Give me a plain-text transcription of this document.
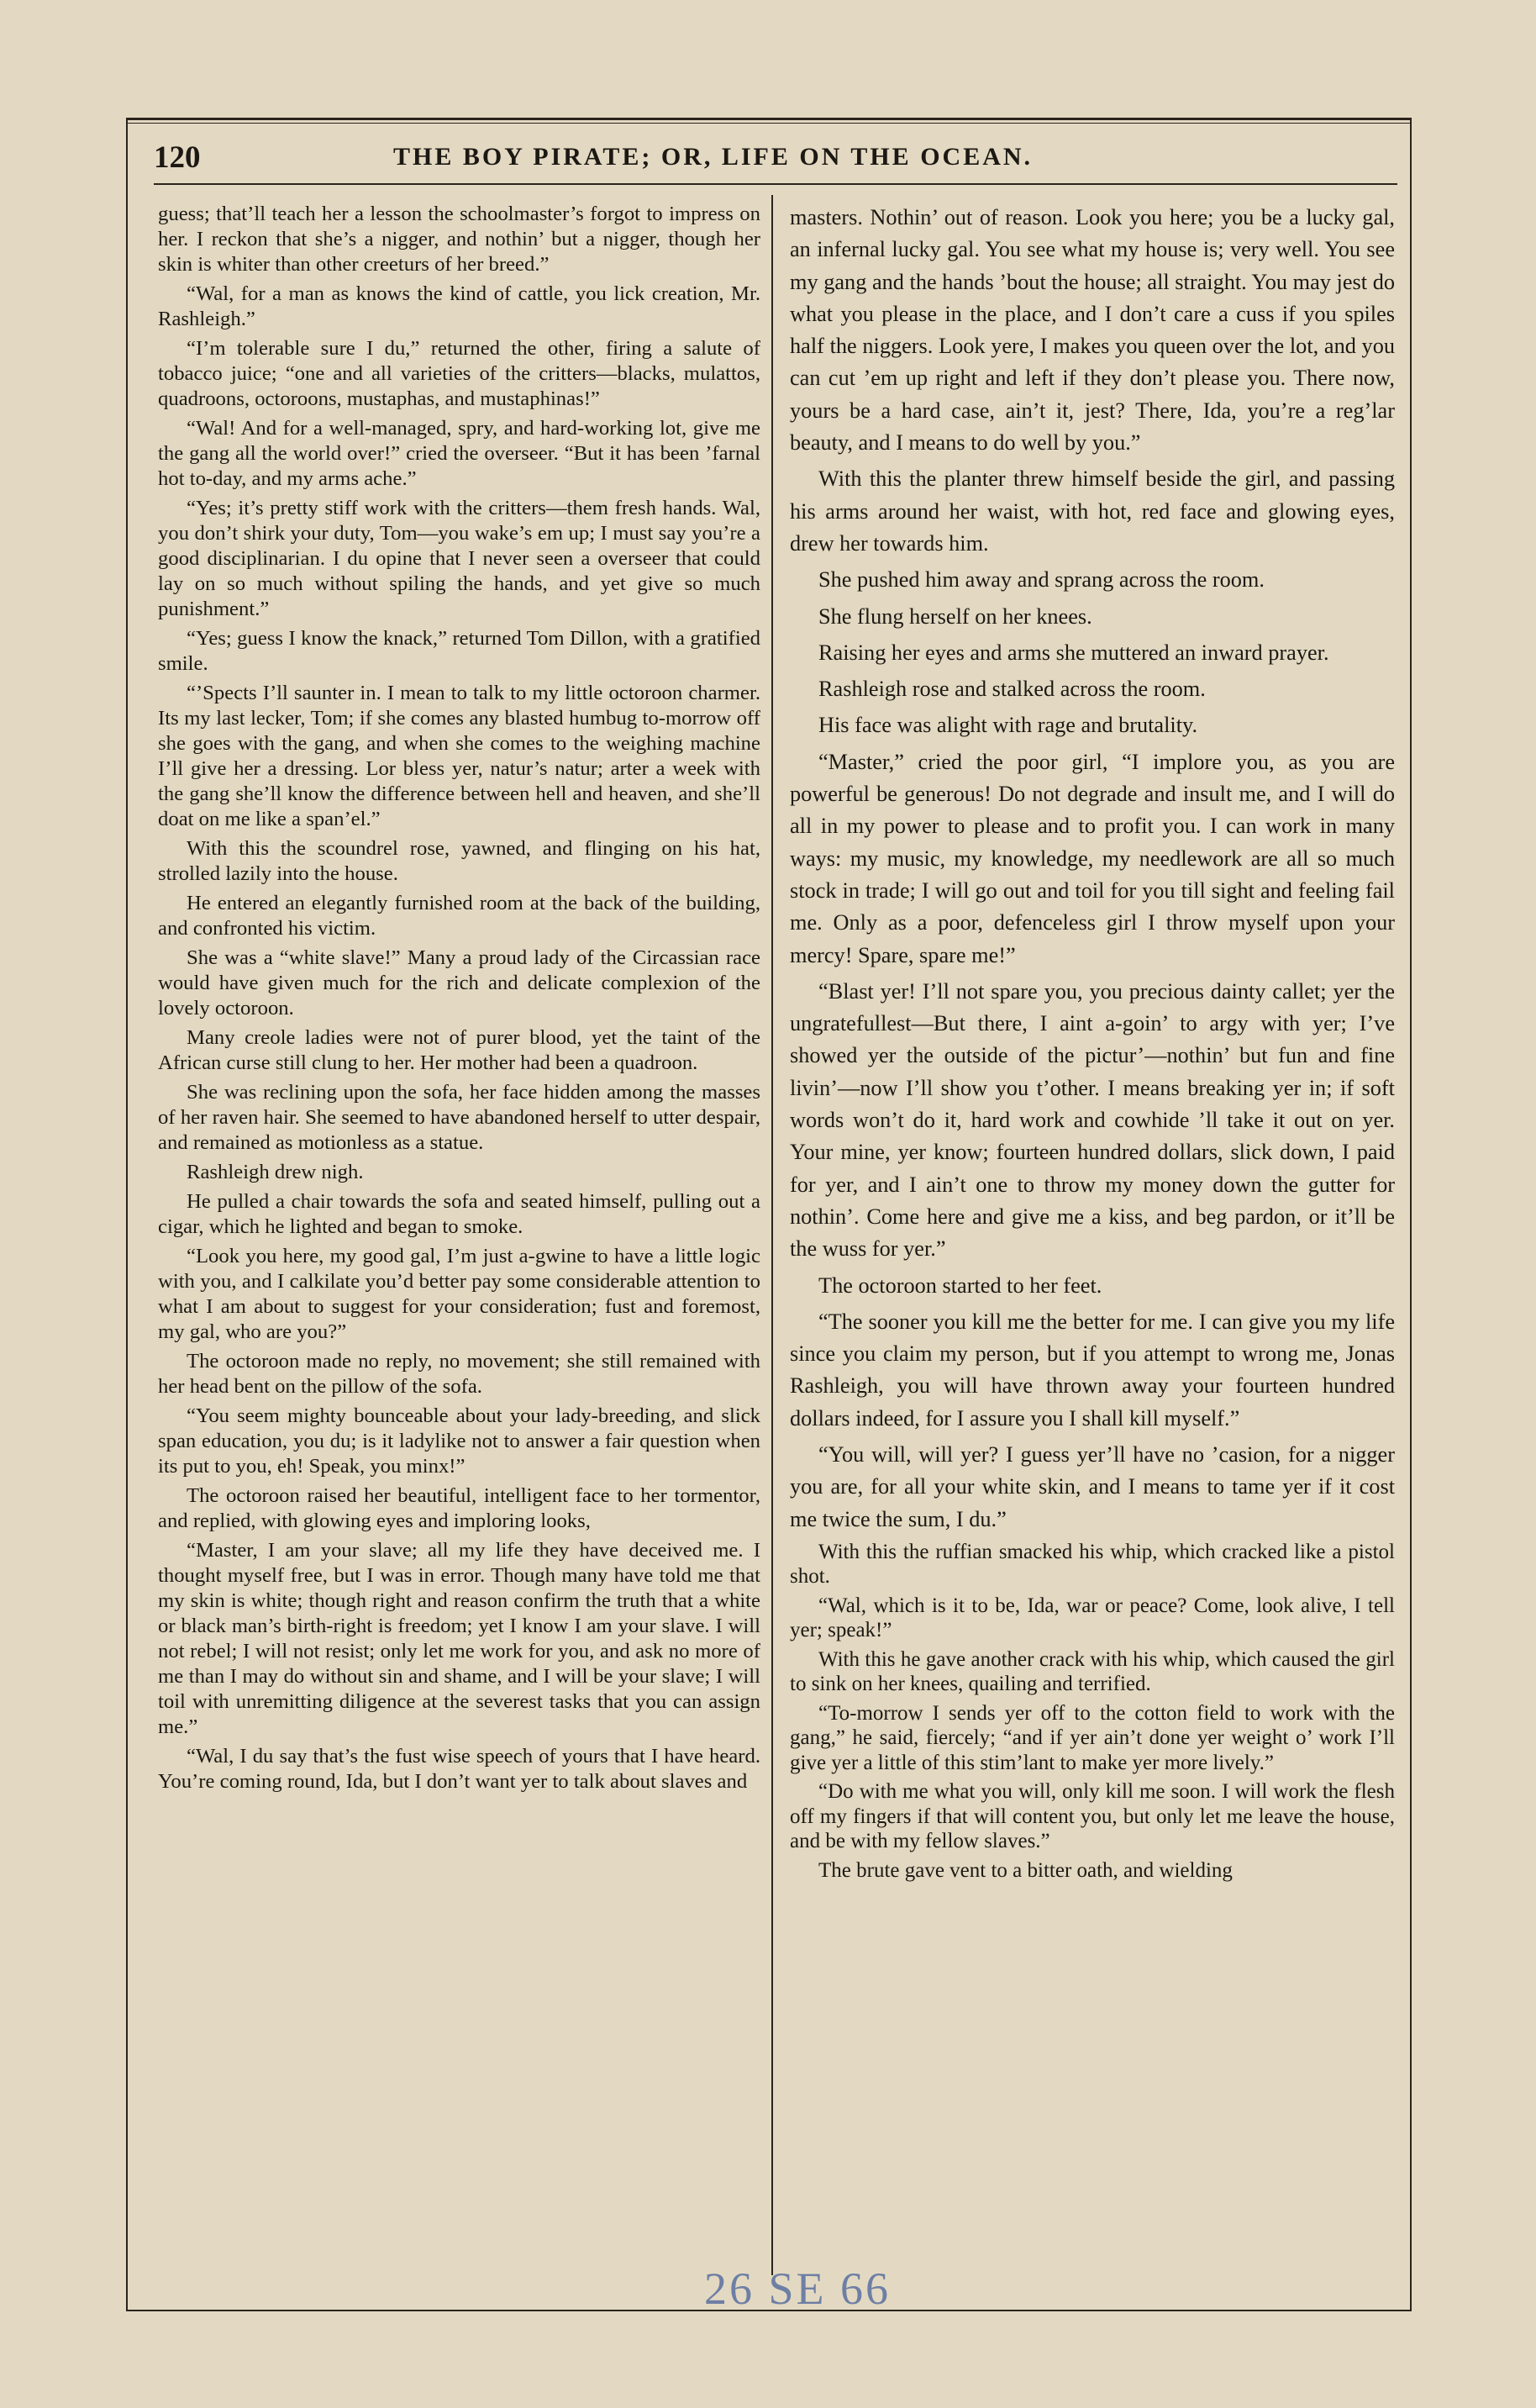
120	THE BOY PIRATE; OR, LIFE ON THE OCEAN.

guess; that’ll teach her a lesson the schoolmaster’s forgot to impress on her. I reckon that she’s a nigger, and nothin’ but a nigger, though her skin is whiter than other creeturs of her breed.”

“Wal, for a man as knows the kind of cattle, you lick creation, Mr. Rashleigh.”

“I’m tolerable sure I du,” returned the other, firing a salute of tobacco juice; “one and all varieties of the critters—blacks, mulattos, quadroons, octoroons, mustaphas, and mustaphinas!”

“Wal! And for a well-managed, spry, and hard-working lot, give me the gang all the world over!” cried the overseer. “But it has been ’farnal hot to-day, and my arms ache.”

“Yes; it’s pretty stiff work with the critters—them fresh hands. Wal, you don’t shirk your duty, Tom—you wake’s em up; I must say you’re a good disciplinarian. I du opine that I never seen a overseer that could lay on so much without spiling the hands, and yet give so much punishment.”

“Yes; guess I know the knack,” returned Tom Dillon, with a gratified smile.

“’Spects I’ll saunter in. I mean to talk to my little octoroon charmer. Its my last lecker, Tom; if she comes any blasted humbug to-morrow off she goes with the gang, and when she comes to the weighing machine I’ll give her a dressing. Lor bless yer, natur’s natur; arter a week with the gang she’ll know the difference between hell and heaven, and she’ll doat on me like a span’el.”

With this the scoundrel rose, yawned, and flinging on his hat, strolled lazily into the house.

He entered an elegantly furnished room at the back of the building, and confronted his victim.

She was a “white slave!” Many a proud lady of the Circassian race would have given much for the rich and delicate complexion of the lovely octoroon.

Many creole ladies were not of purer blood, yet the taint of the African curse still clung to her. Her mother had been a quadroon.

She was reclining upon the sofa, her face hidden among the masses of her raven hair. She seemed to have abandoned herself to utter despair, and remained as motionless as a statue.

Rashleigh drew nigh.

He pulled a chair towards the sofa and seated himself, pulling out a cigar, which he lighted and began to smoke.

“Look you here, my good gal, I’m just a-gwine to have a little logic with you, and I calkilate you’d better pay some considerable attention to what I am about to suggest for your consideration; fust and foremost, my gal, who are you?”

The octoroon made no reply, no movement; she still remained with her head bent on the pillow of the sofa.

“You seem mighty bounceable about your lady-breeding, and slick span education, you du; is it ladylike not to answer a fair question when its put to you, eh! Speak, you minx!”

The octoroon raised her beautiful, intelligent face to her tormentor, and replied, with glowing eyes and imploring looks,

“Master, I am your slave; all my life they have deceived me. I thought myself free, but I was in error. Though many have told me that my skin is white; though right and reason confirm the truth that a white or black man’s birth-right is freedom; yet I know I am your slave. I will not rebel; I will not resist; only let me work for you, and ask no more of me than I may do without sin and shame, and I will be your slave; I will toil with unremitting diligence at the severest tasks that you can assign me.”

“Wal, I du say that’s the fust wise speech of yours that I have heard. You’re coming round, Ida, but I don’t want yer to talk about slaves and

masters. Nothin’ out of reason. Look you here; you be a lucky gal, an infernal lucky gal. You see what my house is; very well. You see my gang and the hands ’bout the house; all straight. You may jest do what you please in the place, and I don’t care a cuss if you spiles half the niggers. Look yere, I makes you queen over the lot, and you can cut ’em up right and left if they don’t please you. There now, yours be a hard case, ain’t it, jest? There, Ida, you’re a reg’lar beauty, and I means to do well by you.”

With this the planter threw himself beside the girl, and passing his arms around her waist, with hot, red face and glowing eyes, drew her towards him.

She pushed him away and sprang across the room.

She flung herself on her knees.

Raising her eyes and arms she muttered an inward prayer.

Rashleigh rose and stalked across the room.

His face was alight with rage and brutality.

“Master,” cried the poor girl, “I implore you, as you are powerful be generous! Do not degrade and insult me, and I will do all in my power to please and to profit you. I can work in many ways: my music, my knowledge, my needlework are all so much stock in trade; I will go out and toil for you till sight and feeling fail me. Only as a poor, defenceless girl I throw myself upon your mercy! Spare, spare me!”

“Blast yer! I’ll not spare you, you precious dainty callet; yer the ungratefullest—But there, I aint a-goin’ to argy with yer; I’ve showed yer the outside of the pictur’—nothin’ but fun and fine livin’—now I’ll show you t’other. I means breaking yer in; if soft words won’t do it, hard work and cowhide ’ll take it out on yer. Your mine, yer know; fourteen hundred dollars, slick down, I paid for yer, and I ain’t one to throw my money down the gutter for nothin’. Come here and give me a kiss, and beg pardon, or it’ll be the wuss for yer.”

The octoroon started to her feet.

“The sooner you kill me the better for me. I can give you my life since you claim my person, but if you attempt to wrong me, Jonas Rashleigh, you will have thrown away your fourteen hundred dollars indeed, for I assure you I shall kill myself.”

“You will, will yer? I guess yer’ll have no ’casion, for a nigger you are, for all your white skin, and I means to tame yer if it cost me twice the sum, I du.”

With this the ruffian smacked his whip, which cracked like a pistol shot.

“Wal, which is it to be, Ida, war or peace? Come, look alive, I tell yer; speak!”

With this he gave another crack with his whip, which caused the girl to sink on her knees, quailing and terrified.

“To-morrow I sends yer off to the cotton field to work with the gang,” he said, fiercely; “and if yer ain’t done yer weight o’ work I’ll give yer a little of this stim’lant to make yer more lively.”

“Do with me what you will, only kill me soon. I will work the flesh off my fingers if that will content you, but only let me leave the house, and be with my fellow slaves.”

The brute gave vent to a bitter oath, and wielding

26 SE 66
